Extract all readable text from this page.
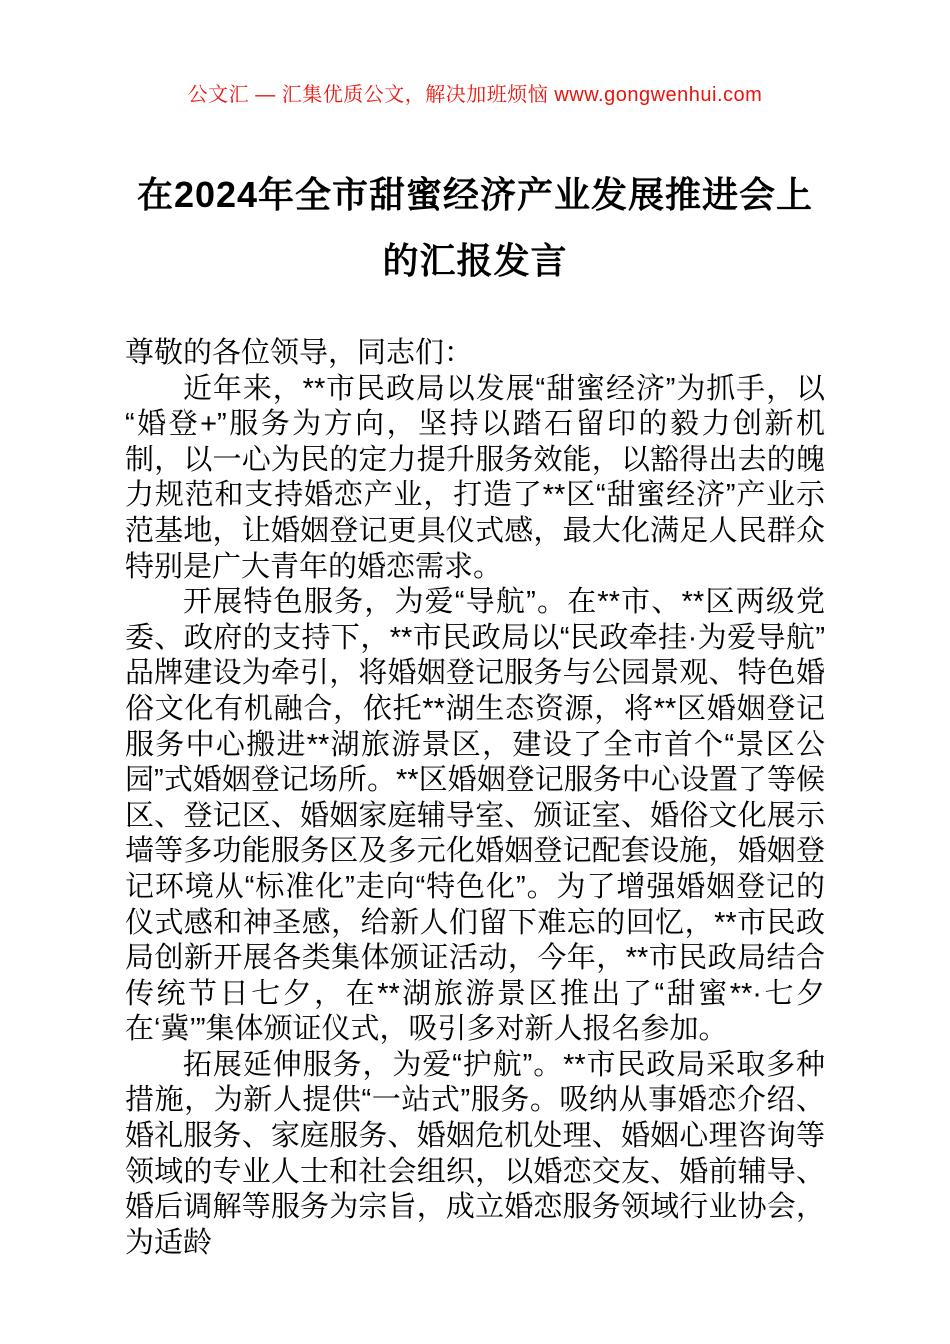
公文汇 — 汇集优质公文，解决加班烦恼 www.gongwenhui.com
在2024年全市甜蜜经济产业发展推进会上
的汇报发言

尊敬的各位领导，同志们：

近年来，**市民政局以发展“甜蜜经济”为抓手，以“婚登+”服务为方向，坚持以踏石留印的毅力创新机制，以一心为民的定力提升服务效能，以豁得出去的魄力规范和支持婚恋产业，打造了**区“甜蜜经济”产业示范基地，让婚姻登记更具仪式感，最大化满足人民群众特别是广大青年的婚恋需求。

开展特色服务，为爱“导航”。在**市、**区两级党委、政府的支持下，**市民政局以“民政牵挂·为爱导航”品牌建设为牵引，将婚姻登记服务与公园景观、特色婚俗文化有机融合，依托**湖生态资源，将**区婚姻登记服务中心搬进**湖旅游景区，建设了全市首个“景区公园”式婚姻登记场所。**区婚姻登记服务中心设置了等候区、登记区、婚姻家庭辅导室、颁证室、婚俗文化展示墙等多功能服务区及多元化婚姻登记配套设施，婚姻登记环境从“标准化”走向“特色化”。为了增强婚姻登记的仪式感和神圣感，给新人们留下难忘的回忆，**市民政局创新开展各类集体颁证活动，今年，**市民政局结合传统节日七夕，在**湖旅游景区推出了“甜蜜**·七夕在‘冀’”集体颁证仪式，吸引多对新人报名参加。

拓展延伸服务，为爱“护航”。**市民政局采取多种措施，为新人提供“一站式”服务。吸纳从事婚恋介绍、婚礼服务、家庭服务、婚姻危机处理、婚姻心理咨询等领域的专业人士和社会组织，以婚恋交友、婚前辅导、婚后调解等服务为宗旨，成立婚恋服务领域行业协会，为适龄
